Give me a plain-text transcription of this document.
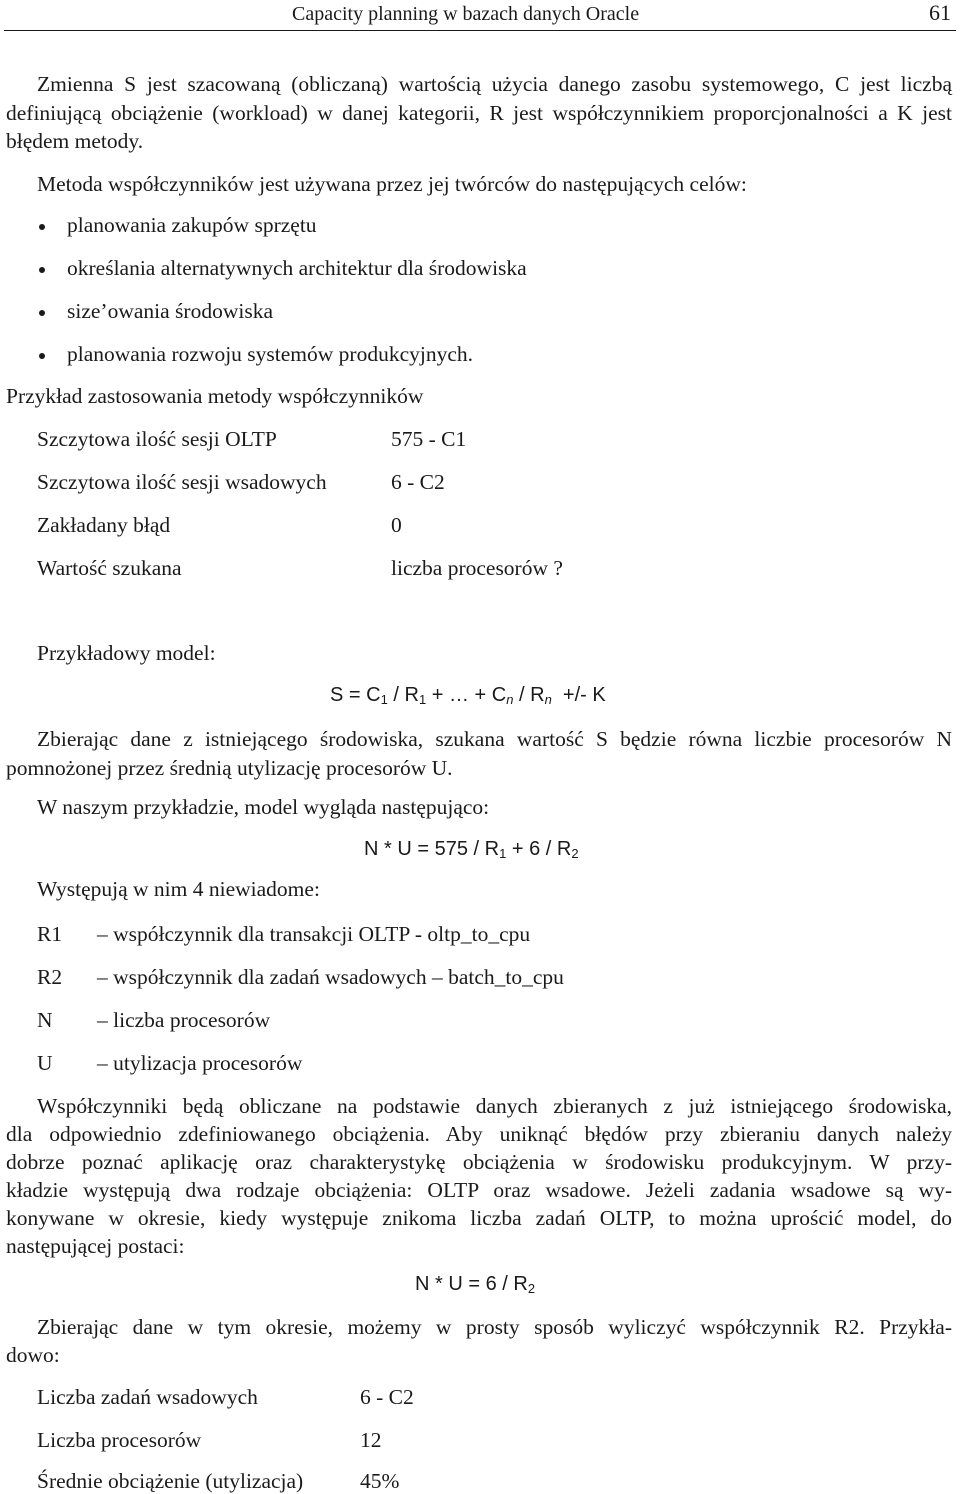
Capacity planning w bazach danych Oracle	61
Zmienna S jest szacowaną (obliczaną) wartością użycia danego zasobu systemowego, C jest liczbą definiującą obciążenie (workload) w danej kategorii, R jest współczynnikiem proporcjonalności a K jest błędem metody.
Metoda współczynników jest używana przez jej twórców do następujących celów:
planowania zakupów sprzętu
określania alternatywnych architektur dla środowiska
size’owania środowiska
planowania rozwoju systemów produkcyjnych.
Przykład zastosowania metody współczynników
Szczytowa ilość sesji OLTP	575 - C1
Szczytowa ilość sesji wsadowych	6 - C2
Zakładany błąd	0
Wartość szukana	liczba procesorów ?
Przykładowy model:
$S = C_1 / R_1$ + … + $C_n / R_n$  +/- K
Zbierając dane z istniejącego środowiska, szukana wartość S będzie równa liczbie procesorów N pomnożonej przez średnią utylizację procesorów U.
W naszym przykładzie, model wygląda następująco:
$N * U = 575 / R_1 + 6 / R_2$
Występują w nim 4 niewiadome:
R1 – współczynnik dla transakcji OLTP - oltp_to_cpu
R2 – współczynnik dla zadań wsadowych – batch_to_cpu
N – liczba procesorów
U – utylizacja procesorów
Współczynniki będą obliczane na podstawie danych zbieranych z już istniejącego środowiska,
dla odpowiednio zdefiniowanego obciążenia. Aby uniknąć błędów przy zbieraniu danych należy
dobrze poznać aplikację oraz charakterystykę obciążenia w środowisku produkcyjnym. W przy-
kładzie występują dwa rodzaje obciążenia: OLTP oraz wsadowe. Jeżeli zadania wsadowe są wy-
konywane w okresie, kiedy występuje znikoma liczba zadań OLTP, to można uprościć model, do
następującej postaci:
$N * U = 6 / R_2$
Zbierając dane w tym okresie, możemy w prosty sposób wyliczyć współczynnik R2. Przykła-
dowo:
Liczba zadań wsadowych	6 - C2
Liczba procesorów	12
Średnie obciążenie (utylizacja)	45%
